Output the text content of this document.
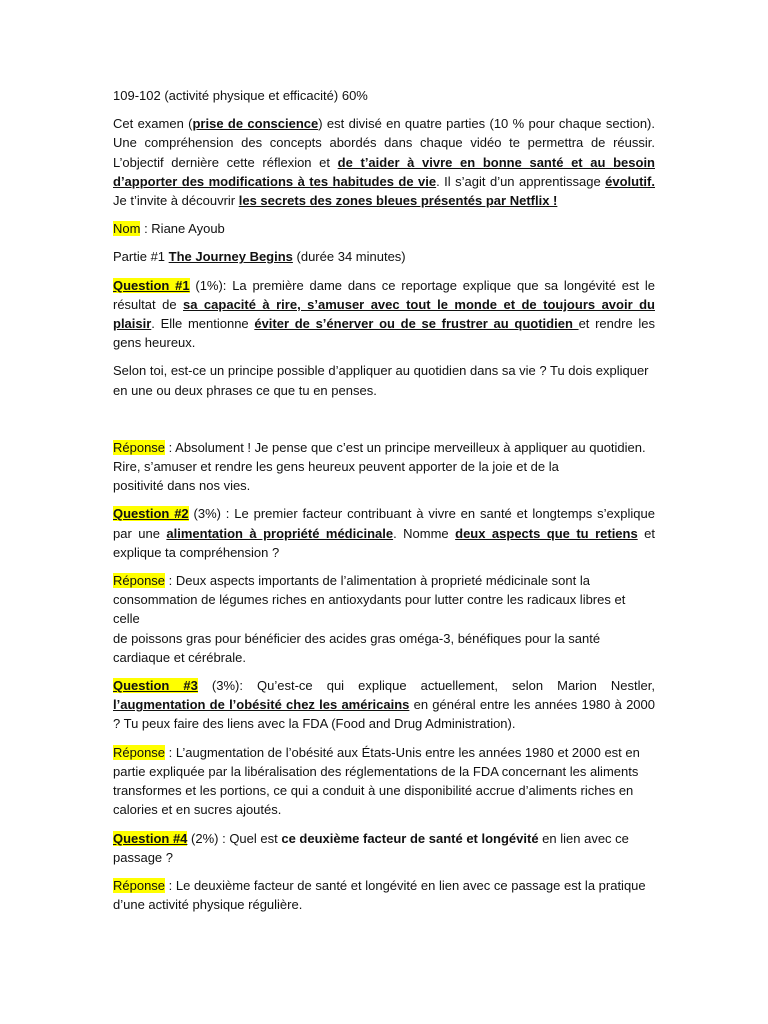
109-102 (activité physique et efficacité) 60%

Cet examen (prise de conscience) est divisé en quatre parties (10 % pour chaque section). Une compréhension des concepts abordés dans chaque vidéo te permettra de réussir. L’objectif dernière cette réflexion et de t’aider à vivre en bonne santé et au besoin d’apporter des modifications à tes habitudes de vie. Il s’agit d’un apprentissage évolutif. Je t’invite à découvrir les secrets des zones bleues présentés par Netflix !

Nom : Riane Ayoub

Partie #1 The Journey Begins (durée 34 minutes)

Question #1 (1%): La première dame dans ce reportage explique que sa longévité est le résultat de sa capacité à rire, s’amuser avec tout le monde et de toujours avoir du plaisir. Elle mentionne éviter de s’énerver ou de se frustrer au quotidien et rendre les gens heureux.

Selon toi, est-ce un principe possible d’appliquer au quotidien dans sa vie ? Tu dois expliquer en une ou deux phrases ce que tu en penses.

Réponse : Absolument ! Je pense que c’est un principe merveilleux à appliquer au quotidien.
Rire, s’amuser et rendre les gens heureux peuvent apporter de la joie et de la
positivité dans nos vies.

Question #2 (3%) : Le premier facteur contribuant à vivre en santé et longtemps s’explique par une alimentation à propriété médicinale. Nomme deux aspects que tu retiens et explique ta compréhension ?

Réponse : Deux aspects importants de l’alimentation à proprieté médicinale sont la
consommation de légumes riches en antioxydants pour lutter contre les radicaux libres et celle
de poissons gras pour bénéficier des acides gras oméga-3, bénéfiques pour la santé
cardiaque et cérébrale.

Question #3 (3%): Qu’est-ce qui explique actuellement, selon Marion Nestler, l’augmentation de l’obésité chez les américains en général entre les années 1980 à 2000 ? Tu peux faire des liens avec la FDA (Food and Drug Administration).

Réponse : L’augmentation de l’obésité aux États-Unis entre les années 1980 et 2000 est en
partie expliquée par la libéralisation des réglementations de la FDA concernant les aliments
transformes et les portions, ce qui a conduit à une disponibilité accrue d’aliments riches en
calories et en sucres ajoutés.

Question #4 (2%) : Quel est ce deuxième facteur de santé et longévité en lien avec ce passage ?

Réponse : Le deuxième facteur de santé et longévité en lien avec ce passage est la pratique
d’une activité physique régulière.
